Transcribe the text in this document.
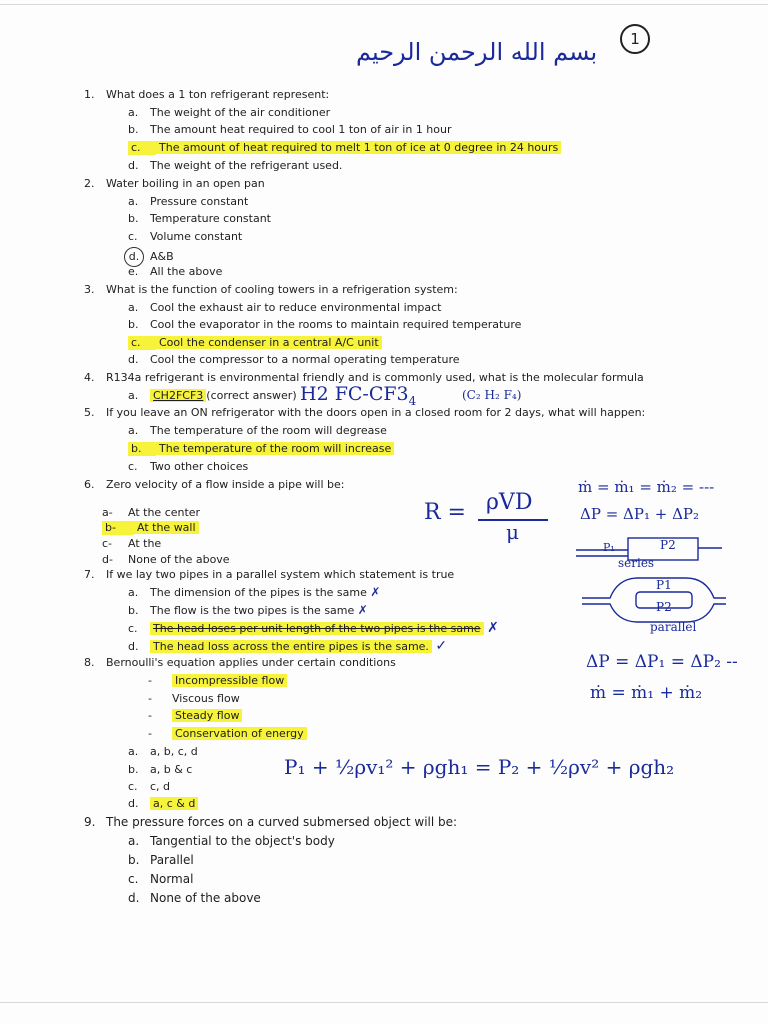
بسم الله الرحمن الرحيم	1
1. What does a 1 ton refrigerant represent:
a. The weight of the air conditioner
b. The amount heat required to cool 1 ton of air in 1 hour
c. The amount of heat required to melt 1 ton of ice at 0 degree in 24 hours
d. The weight of the refrigerant used.
2. Water boiling in an open pan
a. Pressure constant
b. Temperature constant
c. Volume constant
d. A&B
e. All the above
3. What is the function of cooling towers in a refrigeration system:
a. Cool the exhaust air to reduce environmental impact
b. Cool the evaporator in the rooms to maintain required temperature
c. Cool the condenser in a central A/C unit
d. Cool the compressor to a normal operating temperature
4. R134a refrigerant is environmental friendly and is commonly used, what is the molecular formula
a. CH2FCF3 (correct answer) H2 $FC-CF3_4$	(C₂ H₂ F₄)
5. If you leave an ON refrigerator with the doors open in a closed room for 2 days, what will happen:
a. The temperature of the room will degrease
b. The temperature of the room will increase
c. Two other choices
6. Zero velocity of a flow inside a pipe will be:
a- At the center
b- At the wall
c- At the
d- None of the above
R = ρVD
μ
ṁ = ṁ₁ = ṁ₂ = ---
ΔP = ΔP₁ + ΔP₂
P₁	P2
series
P1
P2
parallel
7. If we lay two pipes in a parallel system which statement is true
a. The dimension of the pipes is the same ✗
b. The flow is the two pipes is the same ✗
c. The head loses per unit length of the two pipes is the same ✗
d. The head loss across the entire pipes is the same. ✓
8. Bernoulli's equation applies under certain conditions
- Incompressible flow
- Viscous flow
- Steady flow
- Conservation of energy
a. a, b, c, d
b. a, b & c
c. c, d
d. a, c & d
ΔP = ΔP₁ = ΔP₂ --
ṁ = ṁ₁ + ṁ₂
P₁ + ½ρv₁² + ρgh₁ = P₂ + ½ρv² + ρgh₂
9. The pressure forces on a curved submersed object will be:
a. Tangential to the object's body
b. Parallel
c. Normal
d. None of the above
